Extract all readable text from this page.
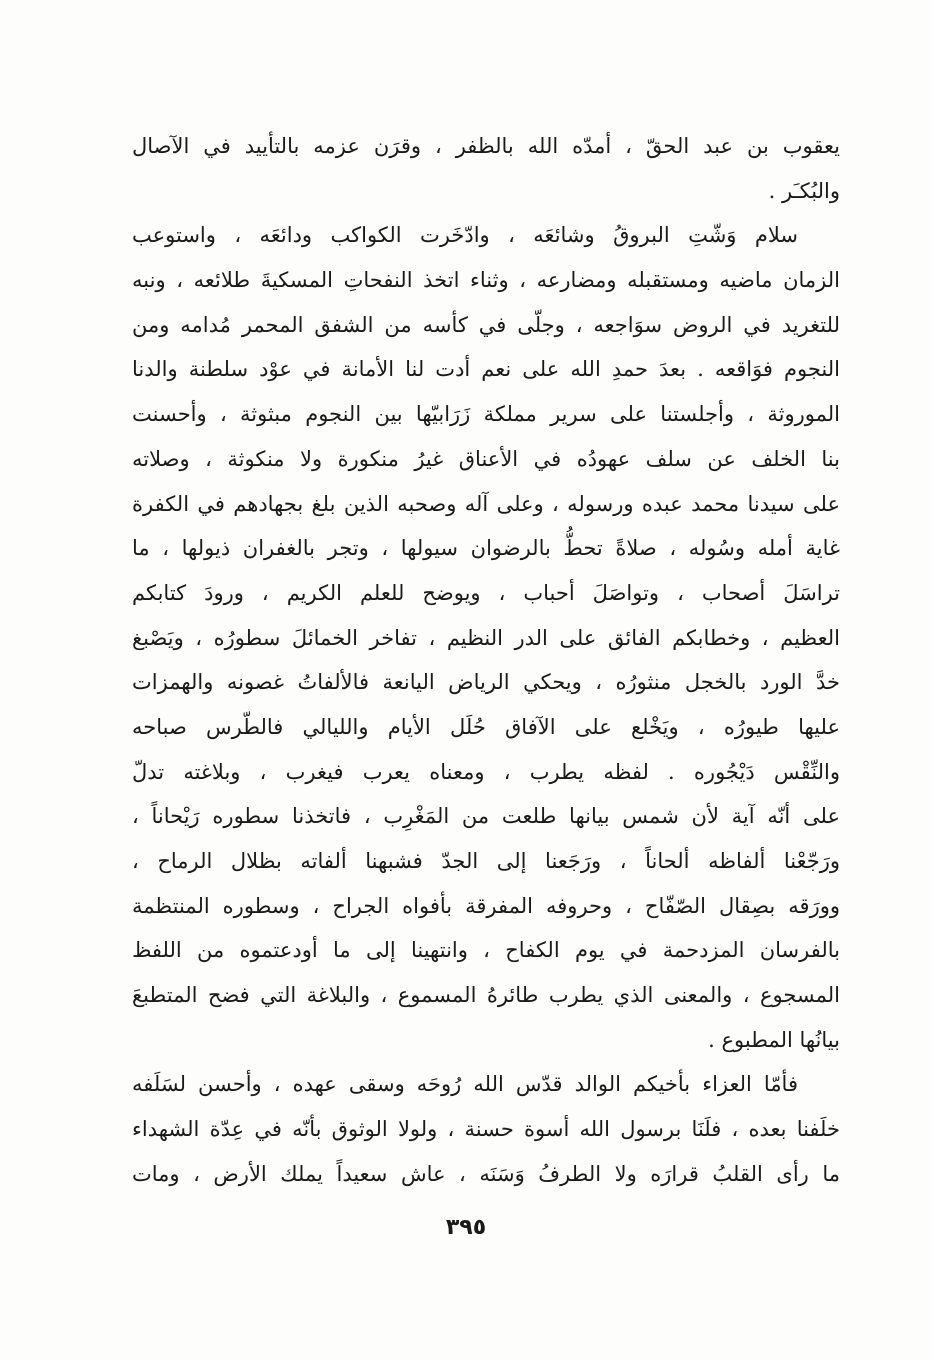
يعقوب بن عبد الحقّ ، أمدّه الله بالظفر ، وقرَن عزمه بالتأييد في الآصال
والبُكـَر .
سلام وَشّتِ البروقُ وشائعَه ، وادّخَرت الكواكب ودائعَه ، واستوعب
الزمان ماضيه ومستقبله ومضارعه ، وثناء اتخذ النفحاتِ المسكيةَ طلائعه ، ونبه
للتغريد في الروض سوَاجعه ، وجلّى في كأسه من الشفق المحمر مُدامه ومن
النجوم فوَاقعه . بعدَ حمدِ الله على نعم أدت لنا الأمانة في عوْد سلطنة والدنا
الموروثة ، وأجلستنا على سرير مملكة زَرَابيّها بين النجوم مبثوثة ، وأحسنت
بنا الخلف عن سلف عهودُه في الأعناق غيرُ منكورة ولا منكوثة ، وصلاته
على سيدنا محمد عبده ورسوله ، وعلى آله وصحبه الذين بلغ بجهادهم في الكفرة
غاية أمله وسُوله ، صلاةً تحطُّ بالرضوان سيولها ، وتجر بالغفران ذيولها ، ما
تراسَلَ أصحاب ، وتواصَلَ أحباب ، ويوضح للعلم الكريم ، ورودَ كتابكم
العظيم ، وخطابكم الفائق على الدر النظيم ، تفاخر الخمائلَ سطورُه ، ويَصْبغ
خدَّ الورد بالخجل منثورُه ، ويحكي الرياض اليانعة فالألفاتُ غصونه والهمزات
عليها طيورُه ، ويَخْلع على الآفاق حُلَل الأيام والليالي فالطّرس صباحه
والنِّقْس دَيْجُوره . لفظه يطرب ، ومعناه يعرب فيغرب ، وبلاغته تدلّ
على أنّه آية لأن شمس بيانها طلعت من المَغْرِب ، فاتخذنا سطوره رَيْحاناً ،
ورَجّعْنا ألفاظه ألحاناً ، ورَجَعنا إلى الجدّ فشبهنا ألفاته بظلال الرماح ،
وورَقه بصِقال الصّفّاح ، وحروفه المفرقة بأفواه الجراح ، وسطوره المنتظمة
بالفرسان المزدحمة في يوم الكفاح ، وانتهينا إلى ما أودعتموه من اللفظ
المسجوع ، والمعنى الذي يطرب طائرهُ المسموع ، والبلاغة التي فضح المتطبعَ
بيانُها المطبوع .
فأمّا العزاء بأخيكم الوالد قدّس الله رُوحَه وسقى عهده ، وأحسن لسَلَفه
خلَفنا بعده ، فلَنَا برسول الله أسوة حسنة ، ولولا الوثوق بأنّه في عِدّة الشهداء
ما رأى القلبُ قرارَه ولا الطرفُ وَسَنَه ، عاش سعيداً يملك الأرض ، ومات
٣٩٥
